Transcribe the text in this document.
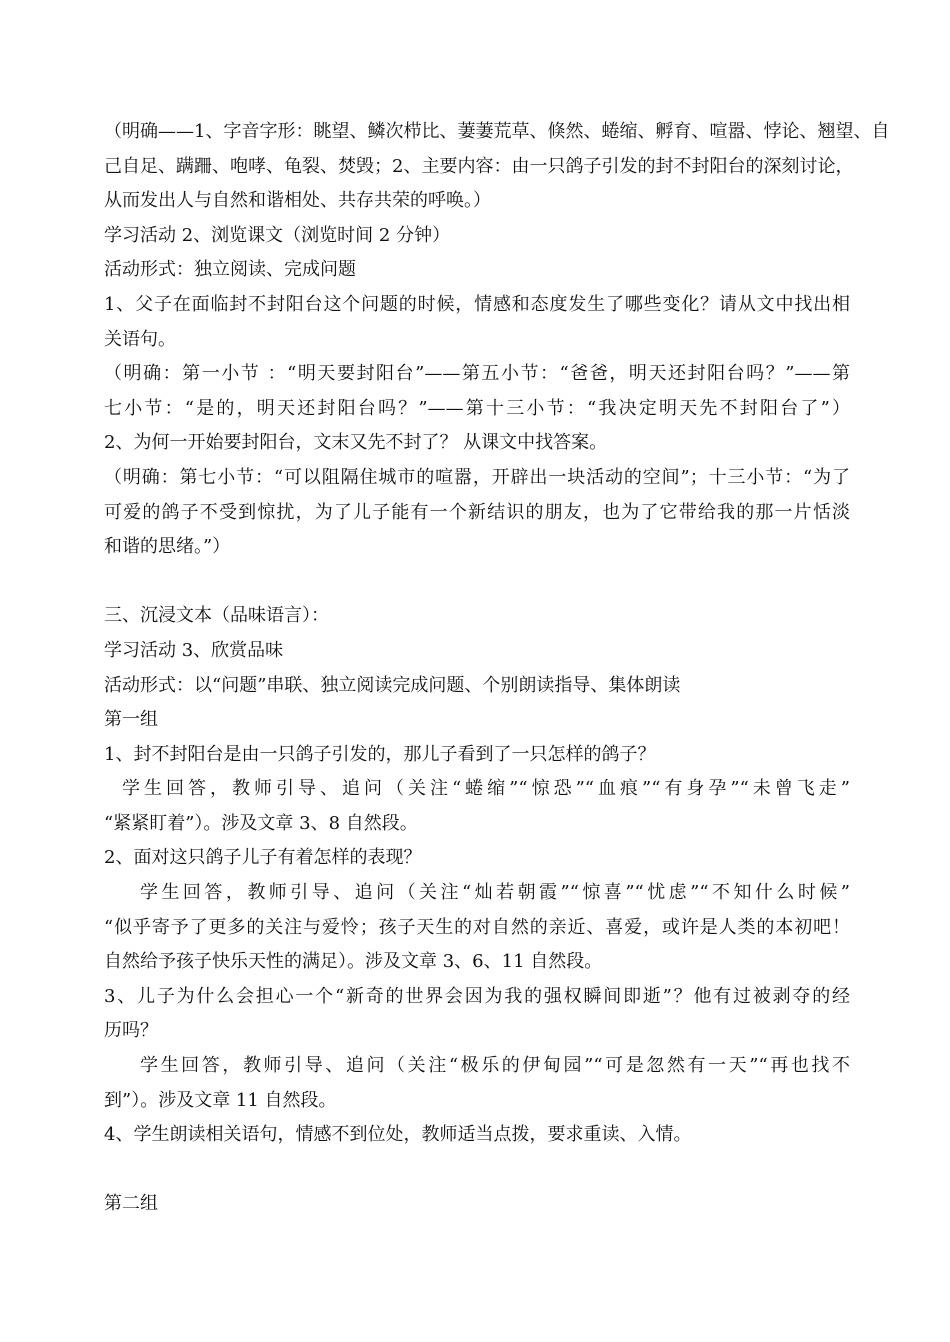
（明确——1、字音字形：眺望、鳞次栉比、萋萋荒草、倏然、蜷缩、孵育、喧嚣、悖论、翘望、自
己自足、蹒跚、咆哮、龟裂、焚毁；2、主要内容：由一只鸽子引发的封不封阳台的深刻讨论，
从而发出人与自然和谐相处、共存共荣的呼唤。）
学习活动 2、浏览课文（浏览时间 2 分钟）
活动形式：独立阅读、完成问题
1、父子在面临封不封阳台这个问题的时候，情感和态度发生了哪些变化？请从文中找出相
关语句。
（明确：第一小节 ：“明天要封阳台”——第五小节：“爸爸，明天还封阳台吗？”——第
七小节：“是的，明天还封阳台吗？”——第十三小节：“我决定明天先不封阳台了”）
2、为何一开始要封阳台，文末又先不封了？ 从课文中找答案。
（明确：第七小节：“可以阻隔住城市的喧嚣，开辟出一块活动的空间”；十三小节：“为了
可爱的鸽子不受到惊扰，为了儿子能有一个新结识的朋友，也为了它带给我的那一片恬淡
和谐的思绪。”）
三、沉浸文本（品味语言）：
学习活动 3、欣赏品味
活动形式：以“问题”串联、独立阅读完成问题、个别朗读指导、集体朗读
第一组
1、封不封阳台是由一只鸽子引发的，那儿子看到了一只怎样的鸽子？
学生回答，教师引导、追问（关注“蜷缩”“惊恐”“血痕”“有身孕”“未曾飞走”
“紧紧盯着”）。涉及文章 3、8 自然段。
2、面对这只鸽子儿子有着怎样的表现？
学生回答，教师引导、追问（关注“灿若朝霞”“惊喜”“忧虑”“不知什么时候”
“似乎寄予了更多的关注与爱怜；孩子天生的对自然的亲近、喜爱，或许是人类的本初吧！
自然给予孩子快乐天性的满足）。涉及文章 3、6、11 自然段。
3、儿子为什么会担心一个“新奇的世界会因为我的强权瞬间即逝”？他有过被剥夺的经
历吗？
学生回答，教师引导、追问（关注“极乐的伊甸园”“可是忽然有一天”“再也找不
到”）。涉及文章 11 自然段。
4、学生朗读相关语句，情感不到位处，教师适当点拨，要求重读、入情。
第二组
